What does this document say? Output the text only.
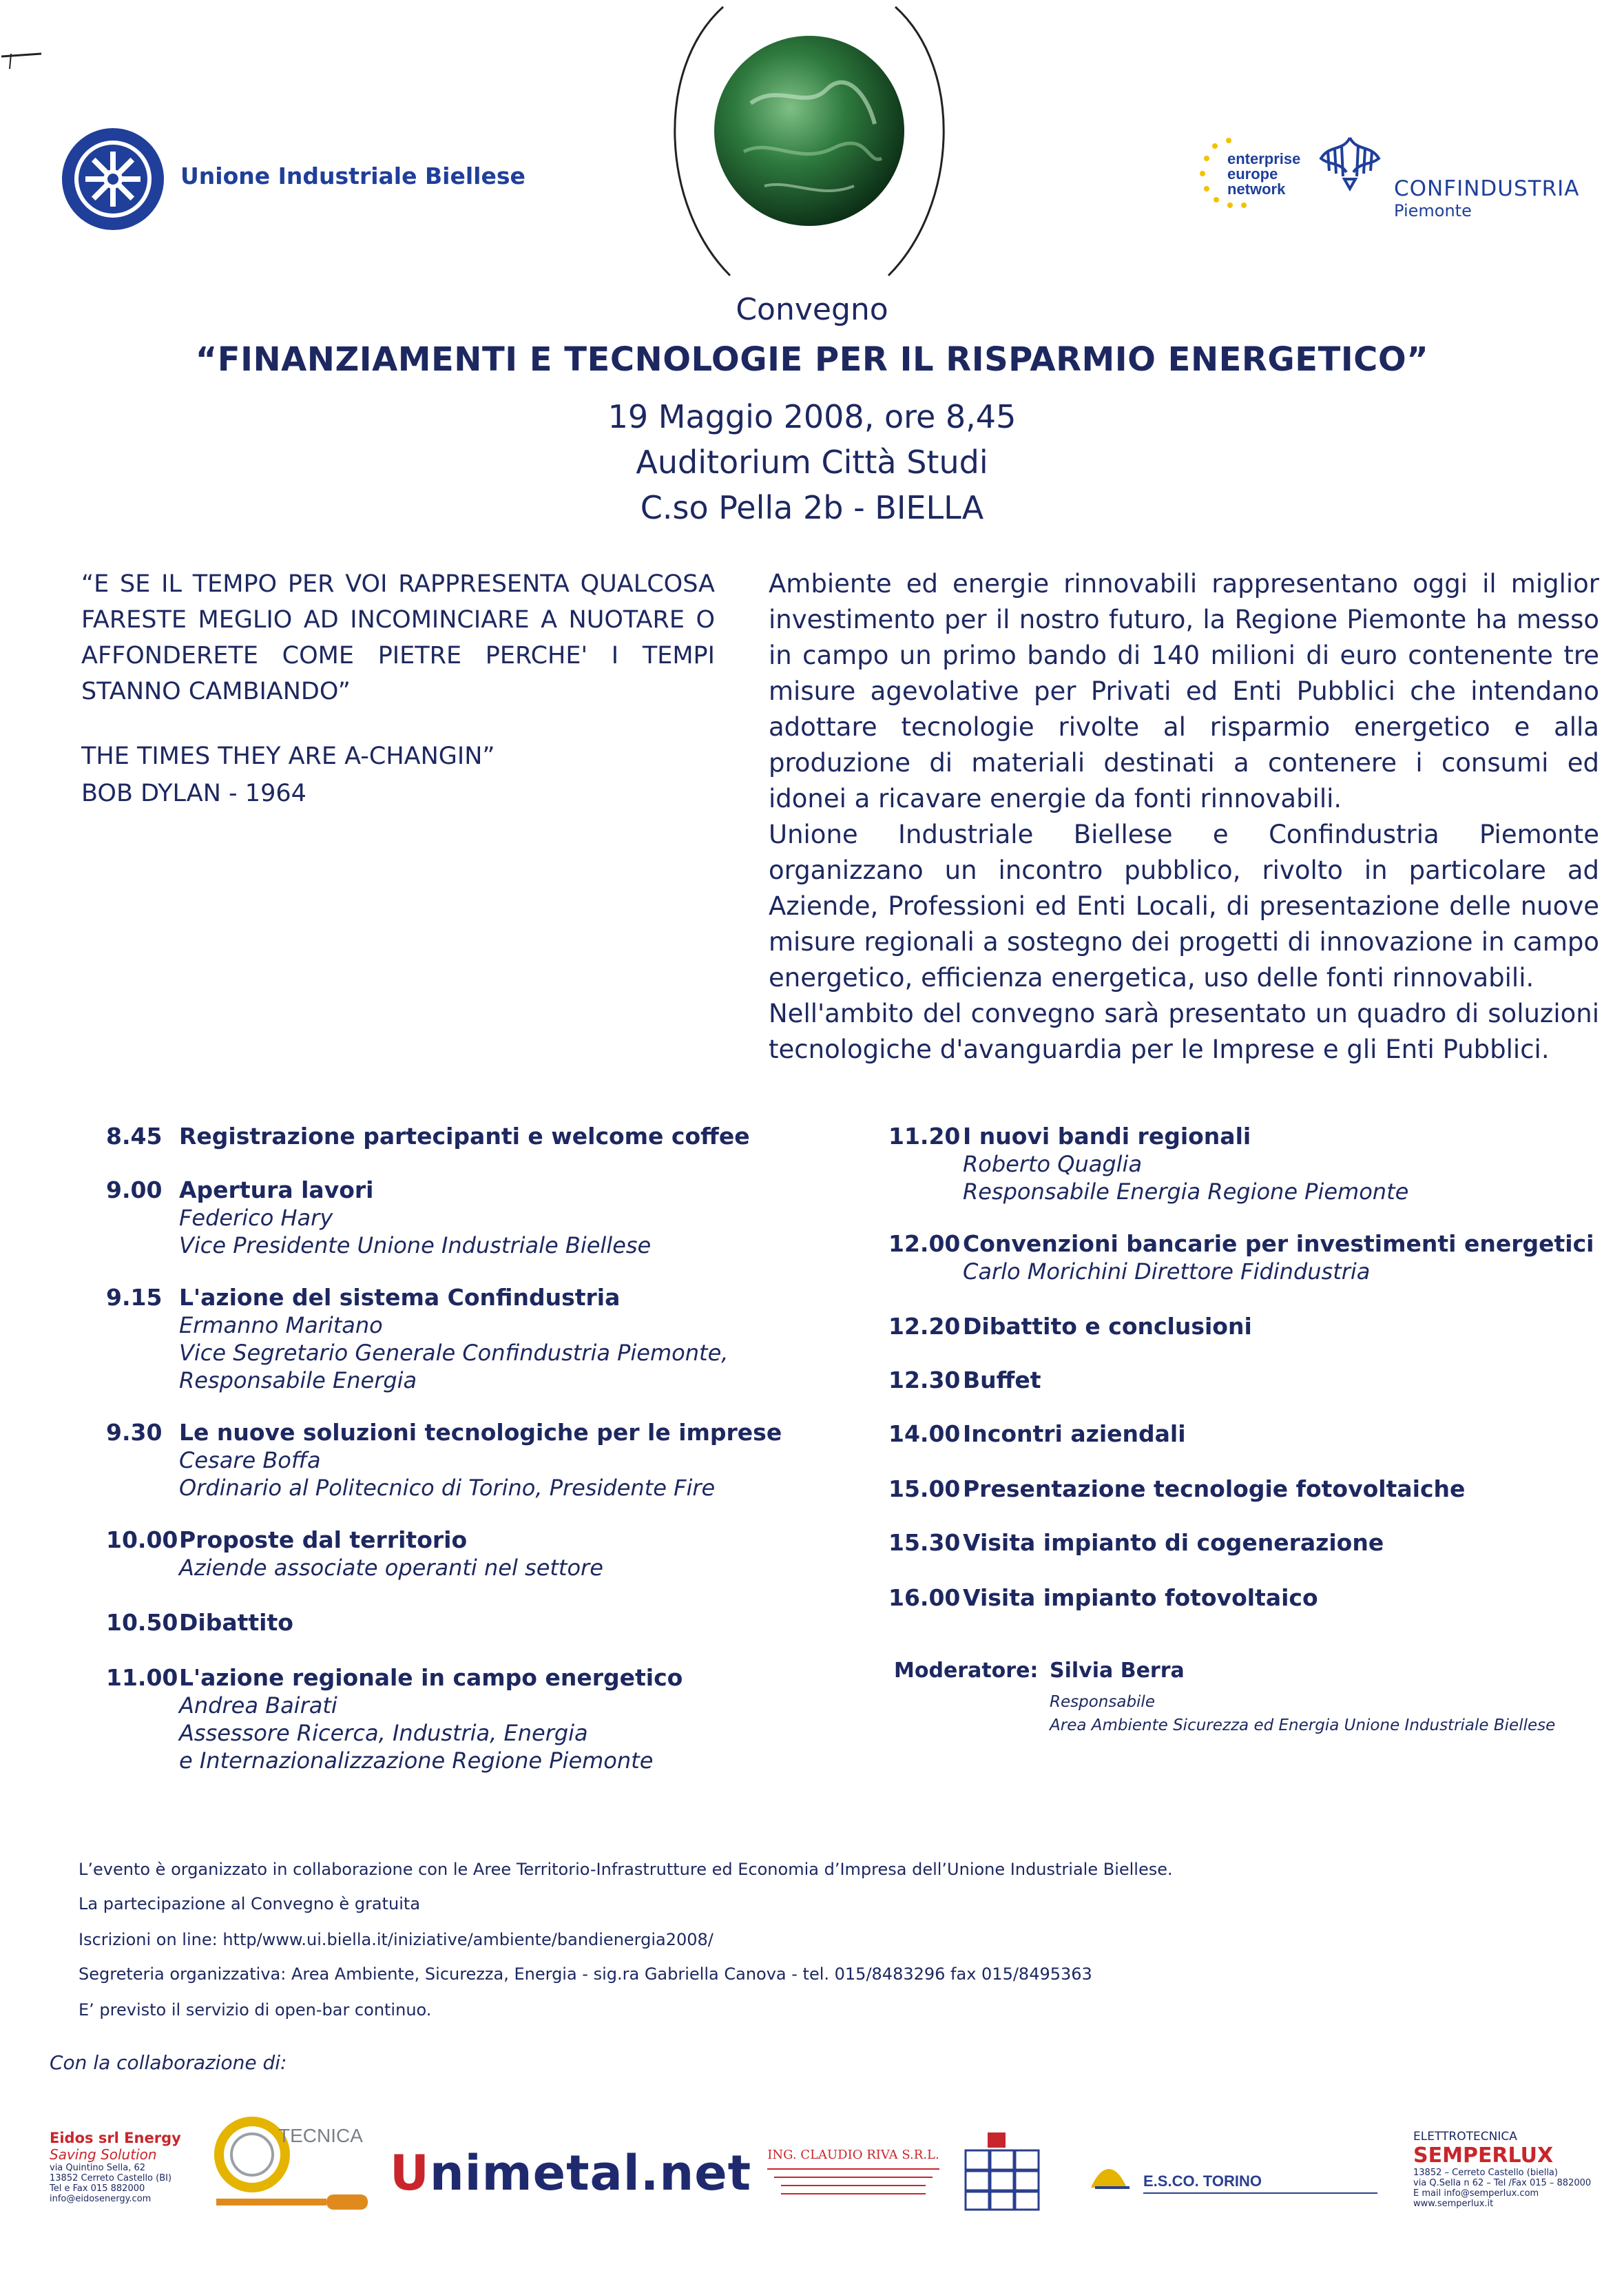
Unione Industriale Biellese
enterprise
europe
network	CONFINDUSTRIA
Piemonte
Convegno
“FINANZIAMENTI E TECNOLOGIE PER IL RISPARMIO ENERGETICO”
19 Maggio 2008, ore 8,45
Auditorium Città Studi
C.so Pella 2b - BIELLA
“E SE IL TEMPO PER VOI RAPPRESENTA QUALCOSA FARESTE MEGLIO AD INCOMINCIARE A NUOTARE O AFFONDERETE COME PIETRE PERCHE' I TEMPI STANNO CAMBIANDO”
THE TIMES THEY ARE A-CHANGIN”
BOB DYLAN - 1964

Ambiente ed energie rinnovabili rappresentano oggi il miglior investimento per il nostro futuro, la Regione Piemonte ha messo in campo un primo bando di 140 milioni di euro contenente tre misure agevolative per Privati ed Enti Pubblici che intendano adottare tecnologie rivolte al risparmio energetico e alla produzione di materiali destinati a contenere i consumi ed idonei a ricavare energie da fonti rinnovabili.

Unione Industriale Biellese e Confindustria Piemonte organizzano un incontro pubblico, rivolto in particolare ad Aziende, Professioni ed Enti Locali, di presentazione delle nuove misure regionali a sostegno dei progetti di innovazione in campo energetico, efficienza energetica, uso delle fonti rinnovabili.

Nell'ambito del convegno sarà presentato un quadro di soluzioni tecnologiche d'avanguardia per le Imprese e gli Enti Pubblici.

8.45 Registrazione partecipanti e welcome coffee
9.00 Apertura lavori
Federico Hary
Vice Presidente Unione Industriale Biellese
9.15 L'azione del sistema Confindustria
Ermanno Maritano
Vice Segretario Generale Confindustria Piemonte,
Responsabile Energia
9.30 Le nuove soluzioni tecnologiche per le imprese
Cesare Boffa
Ordinario al Politecnico di Torino, Presidente Fire
10.00 Proposte dal territorio
Aziende associate operanti nel settore
10.50 Dibattito
11.00 L'azione regionale in campo energetico
Andrea Bairati
Assessore Ricerca, Industria, Energia
e Internazionalizzazione Regione Piemonte
11.20 I nuovi bandi regionali
Roberto Quaglia
Responsabile Energia Regione Piemonte
12.00 Convenzioni bancarie per investimenti energetici
Carlo Morichini Direttore Fidindustria
12.20 Dibattito e conclusioni
12.30 Buffet
14.00 Incontri aziendali
15.00 Presentazione tecnologie fotovoltaiche
15.30 Visita impianto di cogenerazione
16.00 Visita impianto fotovoltaico
Moderatore: Silvia Berra
Responsabile
Area Ambiente Sicurezza ed Energia Unione Industriale Biellese
L’evento è organizzato in collaborazione con le Aree Territorio-Infrastrutture ed Economia d’Impresa dell’Unione Industriale Biellese.
La partecipazione al Convegno è gratuita
Iscrizioni on line: http/www.ui.biella.it/iniziative/ambiente/bandienergia2008/
Segreteria organizzativa: Area Ambiente, Sicurezza, Energia - sig.ra Gabriella Canova - tel. 015/8483296 fax 015/8495363
E’ previsto il servizio di open-bar continuo.
Con la collaborazione di:
Eidos srl Energy
Saving Solution
via Quintino Sella, 62
13852 Cerreto Castello (BI)
Tel e Fax 015 882000
info@eidosenergy.com
TECNICA
Unimetal.net	ING. CLAUDIO RIVA S.R.L.
E.S.CO. TORINO
ELETTROTECNICA
SEMPERLUX
13852 – Cerreto Castello (biella)
via Q.Sella n 62 – Tel /Fax 015 – 882000
E mail info@semperlux.com
www.semperlux.it
